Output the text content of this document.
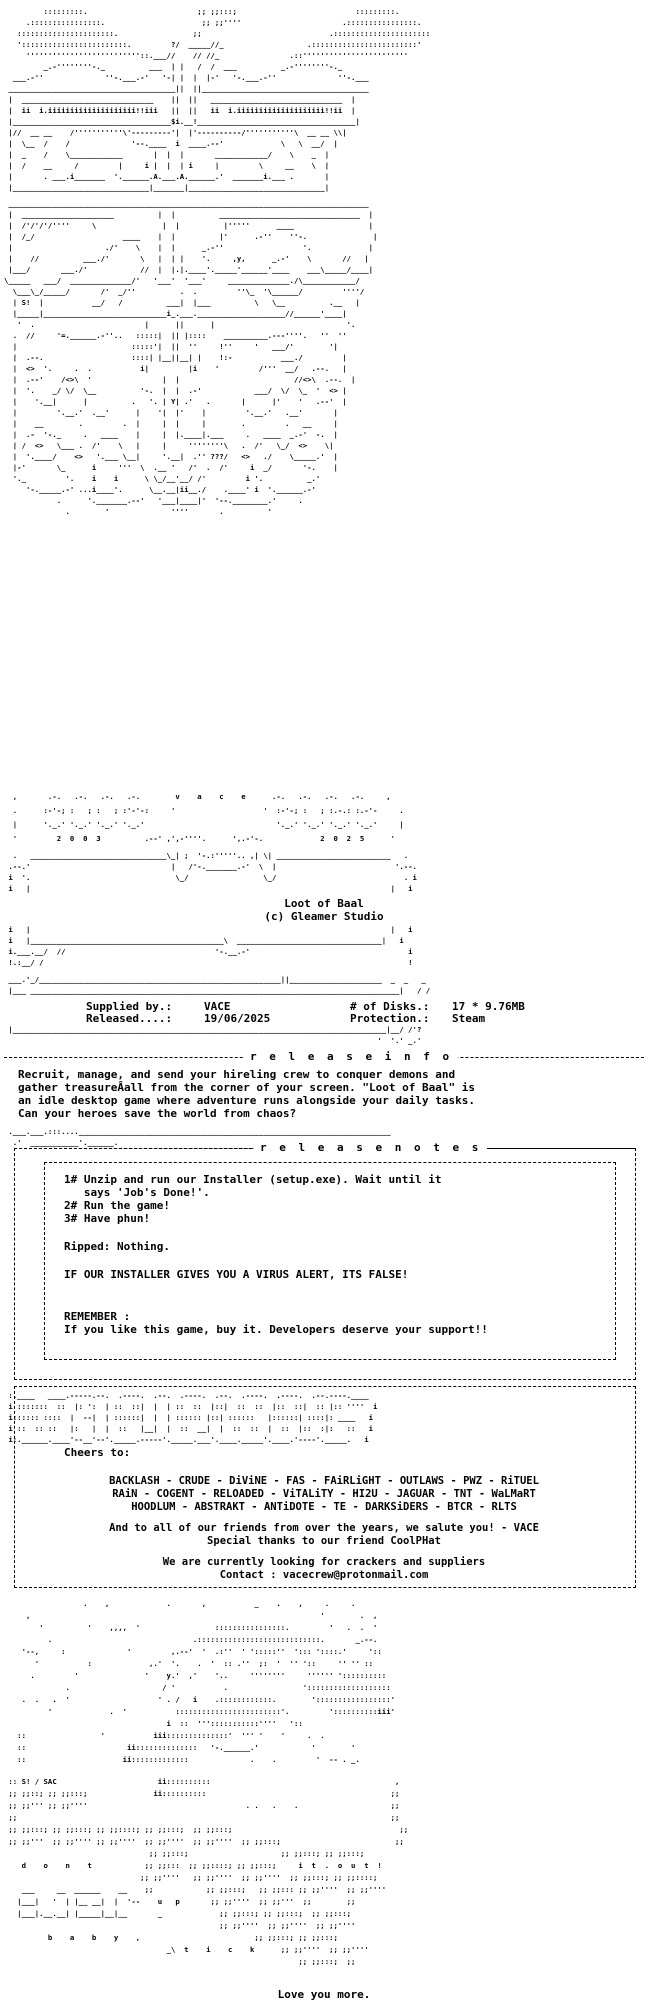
:::::::::.                         ;; ;;:::;                           :::::::::.
.::::::::::::::::.                      ;; ;;''''                       .::::::::::::::::.
::::::::::::::::::::::.                 ;;                             .::::::::::::::::::::::
'::::::::::::::::::::::::.         ?/  _____//_                   .::::::::::::::::::::::::'
''''''''''''''''''''''''''::.___//    // //_                .::''''''''''''''''''''''''
_.-''''''''-._          ___  | |   /  /  ___          _.-''''''''-._
___.-''              ''-.___.-'   '-| |  |  |-'   '-.___.-''              ''-.___
______________________________________||  ||______________________________________
|  ______________________________    ||  ||   ______________________________  |
|  ii  i.iiiiiiiiiiiiiiiiiiii!!iii   ||  ||   ii  i.iiiiiiiiiiiiiiiiiiii!!ii  |
|____________________________________$i.__!____________________________________|
|//  __ __    /'''''''''''\'---------'|  |'----------/'''''''''''\  __ __ \\|
|  \__  /    /              '--.____  i  ____.--'             \   \  __/  |
|  _    /    \____________       |  |  |       ____________/    \    _  |
|  /    __     /         |     i |  |  | i     |         \     __    \  |
|       . ___.i_______  '.______.A.___.A.______.'  _______i.___ .       |
|_______________________________|_______|_______________________________|
__________________________________________________________________________________
|  _____________________          |  |          ________________________________  |
|  /'/'/'/''''     \               |  |          |'''''      ____                 |
|  /_/                    ____    |  |          |'      .-''    ''-.               |
|                     ./'    \    |  |      _.-''                  '.             |
|    //          ___./'       \   |  | |    '.     ,y,      _.-'    \       //   |
|___/       ___./'            //  |  |.|.____'._____'______'____    ___\_____/____|
\_____   ___/  ______________/'   '___'  '___'     ______________./\____________/
\___\_/_____/       /'  _/''          .  .         ''\_  '\______/         ''''/
| S!  |           __/   /          ___|  |___          \   \__          .__   |
|_____|____________________________i_.___.____________________//______'____|
'  .                         |      ||      |                              '.
.  //     '=.______.-''..   :::::|  || |::::    __________.---''''.   ''  ''
|                          :::::'|  ||  ''     !''     '   ___/'        '|
|  .--.                    ::::| |__||__| |    !:-           ___./         |
|  <>  '.     .  .           i|         |i    '         /'''  __/   .--.   |
|  .--'    /<>\  '                |  |                          //<>\  .--.  |
|  '.    _/ \/  \__          '-.  |  |  .-'            ___/  \/  \_  '  <> |
|    '.__|      |          .   '. | Y| .'   .       |      |'    '   .--'  |
|         '.__.'  .__'      |    '|  |'    |         '.__.'   .__'       |
|    __        .         .  |     |  |     |        .         .   __     |
|  .-  '-._     .   ____    |     |  |.____|.___     .   ____  _.-'  -.  |
| /  <>   \___ .  /'    \   |     |     ''''''''\   .  /'   \_/  <>    \|
|  '.____/    <>   '.___ \__|     '.__|  .'' ???/   <>   ./    \_____.'  |
|-'       \_      i     '''  \  .__ '   /'  .  /'     i  _/       '-.    |
'._         '.    i    i      \ \_/__'__/ /'         i '.          _.'
'-._____.-' ...i____'.      \__.__|ii__./    .____' i  '.______.-'
.      '._______.--'   '___|____|'  '--.________.'     .
.        '              ''''       .          '
,       .-.   .-.   .-.   .-.        v    a    c    e      .-.   .-.   .-.   .-.     ,
.      :-'-; :   ; :   ; :'-'-:     '                    '  :-'-; :   ; :.-.: :.-'-     .
|      '._.' '._.' '._.' '._.'                              '._.' '._.' '._.' '._.'     |
'         2  0  0  3          .--' ,',-''''.      ',.-'-.             2  0  2  5      '
.   _______________________________\_| ;  '-.:'''''.. ,| \| __________________________   .
.--.'                                |   /'-._______.-'  \  |                           '.--.
i  '.                                 \_/                 \_/                             . i
i   |                                                                                  |   i
Loot of Baal
(c) Gleamer Studio
i   |                                                                                  |   i
i   |____________________________________________\  _________________________________|   i
i.___.__/  //                                  '-.__.-'                                    i
!.:__/ /                                                                                   !
___.'_/_______________________________________________________||_____________________  _  _   _
|___ ____________________________________________________________________________________|   / /
Supplied by.:	VACE
Released....:	19/06/2025
# of Disks.: 17 * 9.76MB
Protection.: Steam
|_____________________________________________________________________________________|__/ /'?
'  '.' _.'
r e l e a s e i n f o
Recruit, manage, and send your hireling crew to conquer demons and
gather treasureÂall from the corner of your screen. "Loot of Baal" is
an idle desktop game where adventure runs alongside your daily tasks.
Can your heroes save the world from chaos?
.___.___.:::...._______________________________________________________________________
.'  ___________'.______.	r e l e a s e n o t e s
1# Unzip and run our Installer (setup.exe). Wait until it
says 'Job's Done!'.
2# Run the game!
3# Have phun!
Ripped: Nothing.
IF OUR INSTALLER GIVES YOU A VIRUS ALERT, ITS FALSE!
REMEMBER :
If you like this game, buy it. Developers deserve your support!!
:.____   ____.-----.--.  .----.  .--.  .----.  .--.  .----.  .----.  .--.----.____
i :::::::  ::  |: ':  | ::  ::|  |  | ::  ::  |::|  ::  ::  |::  ::|  :: |:: ''''  i
i:::::: ::::  |  --|  | ::::::|  |  | :::::: |::| ::::::   |::::::| ::::|: ____   i
i ::  :: ::   |:   |  |  ::   |__|  |  ::  __|  |  ::  ::  |  ::  |::  :|:   ::   i
i:.______.____'--__'--'._____.-----'._____.___'.____._____'.____.'----'._____.   i
Cheers to:
BACKLASH - CRUDE - DiViNE - FAS - FAiRLiGHT - OUTLAWS - PWZ - RiTUEL
RAiN - COGENT - RELOADED - ViTALiTY - HI2U - JAGUAR - TNT - WaLMaRT
HOODLUM - ABSTRAKT - ANTiDOTE - TE - DARKSiDERS - BTCR - RLTS
And to all of our friends from over the years, we salute you! - VACE
Special thanks to our friend CoolPHat
We are currently looking for crackers and suppliers
Contact : vacecrew@protonmail.com
.    ,             .       ,           _    .    ,     .     .
,                                                                  '        .  ,
'          '    ,,,,  '                 ::::::::::::::::.         '   .  .  '
.                                .::::::::::::::::::::::::::::.       _.--.
'--,     :              '         ,.--'  '  .:''  ' ':::::''  '::: '::::.'     '::
'           :             ,.'  '.    .  '  :: .''  ;:  '  '' '::     '' '' ::
.         '               '    y.'  ,'    '..     ''''''''     '''''' '::::::::::
.                     / '           .                 ':::::::::::::::::::
.  .   .  '                    ' . /   i    .::::::::::::.        ':::::::::::::::::'
'             .  '           ::::::::::::::::::::::::'.         '::::::::::iii'
i  ::  ''':::::::::::''''   '::
::                 '           iii::::::::::::::'  ''' '    '     .  .
::                       ii::::::::::::::   '-.______.'            '        '
::                      ii:::::::::::::              .    .         '  -- . _.
:: S! / SAC                       ii::::::::::                                          ,
;; ;;::; ;; ;;:::;               ii::::::::::                                          ;;
;; ;;''' ;; ;;''''                                    . .   .    .                     ;;
;;                                                                                     ;;
;; ;;:::; ;; ;;:::; ;; ;;::::; ;; ;;:::;  ;; ;;:::;                                      ;;
;; ;;'''  ;; ;;'''' ;; ;;''''  ;; ;;''''  ;; ;;''''  ;; ;;:::;                          ;;
;; ;;:::;                     ;; ;;:::; ;; ;;:::;
d    o    n    t            ;; ;;:::  ;; ;;::::; ;; ;;:::;     i  t  .  o  u  t  !
;; ;;''''   ;; ;;''''  ;; ;;''''  ;; ;;:::; ;; ;;::::;
___     __  ______    __    ;;            ;; ;;:::;   ;; ;;::: ;; ;;''''  ;; ;;''''
|___|   '  | |__ __|  |  '--    u   p       ;; ;;''''  ;; ;;'''  ;;        ;;
|___|.__.__| |_____|__|__       _             ;; ;;:::; ;; ;;:::;  ;; ;;:::;
;; ;;''''  ;; ;;''''  ;; ;;''''
b    a    b    y    ,                          ;; ;;:::; ;; ;;:::;
_\  t    i    c    k      ;; ;;''''  ;; ;;''''
;; ;;:::;  ;;
Love you more.
